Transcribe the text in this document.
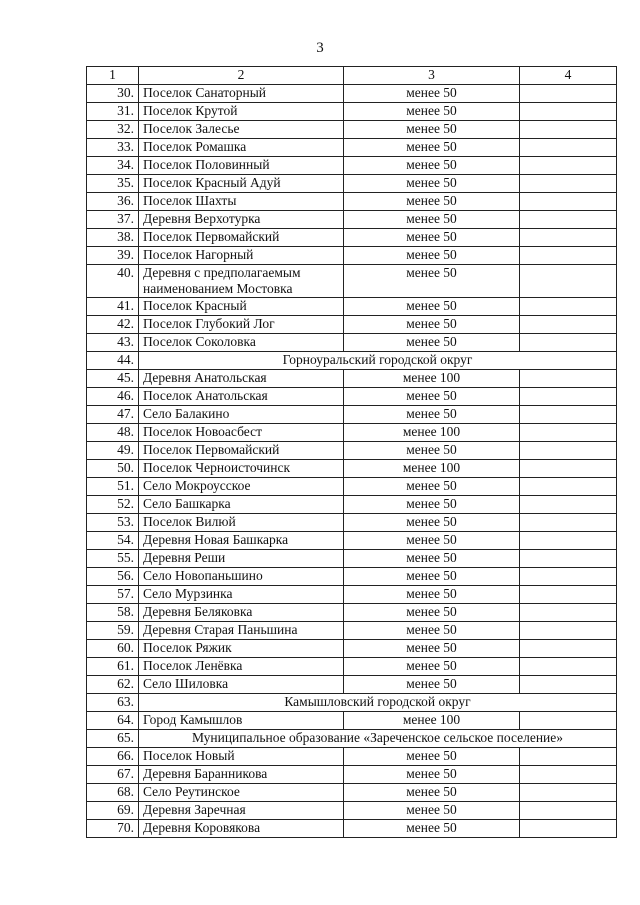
3
1	2	3	4
30.	Поселок Санаторный	менее 50	
31.	Поселок Крутой	менее 50	
32.	Поселок Залесье	менее 50	
33.	Поселок Ромашка	менее 50	
34.	Поселок Половинный	менее 50	
35.	Поселок Красный Адуй	менее 50	
36.	Поселок Шахты	менее 50	
37.	Деревня Верхотурка	менее 50	
38.	Поселок Первомайский	менее 50	
39.	Поселок Нагорный	менее 50	
40.	Деревня с предполагаемым наименованием Мостовка	менее 50	
41.	Поселок Красный	менее 50	
42.	Поселок Глубокий Лог	менее 50	
43.	Поселок Соколовка	менее 50	
44.	Горноуральский городской округ		
45.	Деревня Анатольская	менее 100	
46.	Поселок Анатольская	менее 50	
47.	Село Балакино	менее 50	
48.	Поселок Новоасбест	менее 100	
49.	Поселок Первомайский	менее 50	
50.	Поселок Черноисточинск	менее 100	
51.	Село Мокроусское	менее 50	
52.	Село Башкарка	менее 50	
53.	Поселок Вилюй	менее 50	
54.	Деревня Новая Башкарка	менее 50	
55.	Деревня Реши	менее 50	
56.	Село Новопаньшино	менее 50	
57.	Село Мурзинка	менее 50	
58.	Деревня Беляковка	менее 50	
59.	Деревня Старая Паньшина	менее 50	
60.	Поселок Ряжик	менее 50	
61.	Поселок Ленёвка	менее 50	
62.	Село Шиловка	менее 50	
63.	Камышловский городской округ		
64.	Город Камышлов	менее 100	
65.	Муниципальное образование «Зареченское сельское поселение»		
66.	Поселок Новый	менее 50	
67.	Деревня Баранникова	менее 50	
68.	Село Реутинское	менее 50	
69.	Деревня Заречная	менее 50	
70.	Деревня Коровякова	менее 50	
